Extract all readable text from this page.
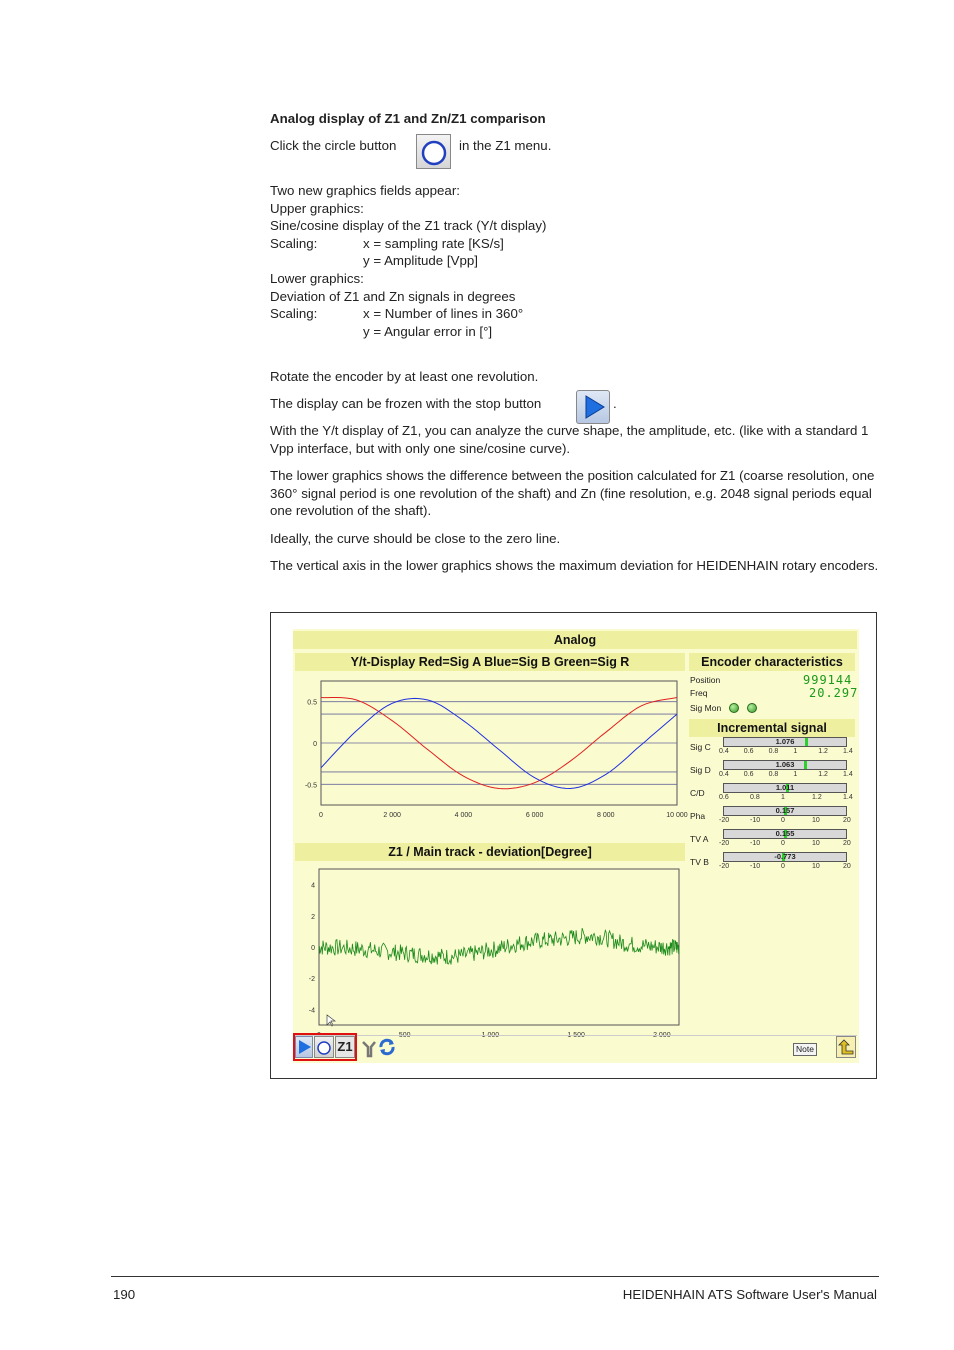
Analog display of Z1 and Zn/Z1 comparison
Click the circle button	in the Z1 menu.
Two new graphics fields appear:
Upper graphics:
Sine/cosine display of the Z1 track (Y/t display)
Scaling:	x = sampling rate [KS/s]
y = Amplitude [Vpp]
Lower graphics:
Deviation of Z1 and Zn signals in degrees
Scaling:	x = Number of lines in 360°
y = Angular error in [°]
Rotate the encoder by at least one revolution.
The display can be frozen with the stop button	.
With the Y/t display of Z1, you can analyze the curve shape, the amplitude, etc. (like with a standard 1 Vpp interface, but with only one sine/cosine curve).
The lower graphics shows the difference between the position calculated for Z1 (coarse resolution, one 360° signal period is one revolution of the shaft) and Zn (fine resolution, e.g. 2048 signal periods equal one revolution of the shaft).
Ideally, the curve should be close to the zero line.
The vertical axis in the lower graphics shows the maximum deviation for HEIDENHAIN rotary encoders.
Analog
Y/t-Display Red=Sig A Blue=Sig B Green=Sig R	Encoder characteristics
0.5
0
-0.5
0	2 000	4 000	6 000	8 000	10 000
Z1 / Main track - deviation[Degree]
4
2
0
-2
-4
Position	999144
Freq	20.297
Sig Mon
Incremental signal
Sig C
1.076
0.4 0.6 0.8 1	1.2 1.4
Sig D
1.063
0.4 0.6 0.8 1	1.2 1.4
C/D
1.011
0.6	0.8	1	1.2	1.4
Pha
0.157
-20	-10	0	10	20
TV A
0.155
-20	-10	0	10	20
TV B
-0.773
-20	-10	0	10	20
Z1	Note
190	HEIDENHAIN ATS Software User's Manual
